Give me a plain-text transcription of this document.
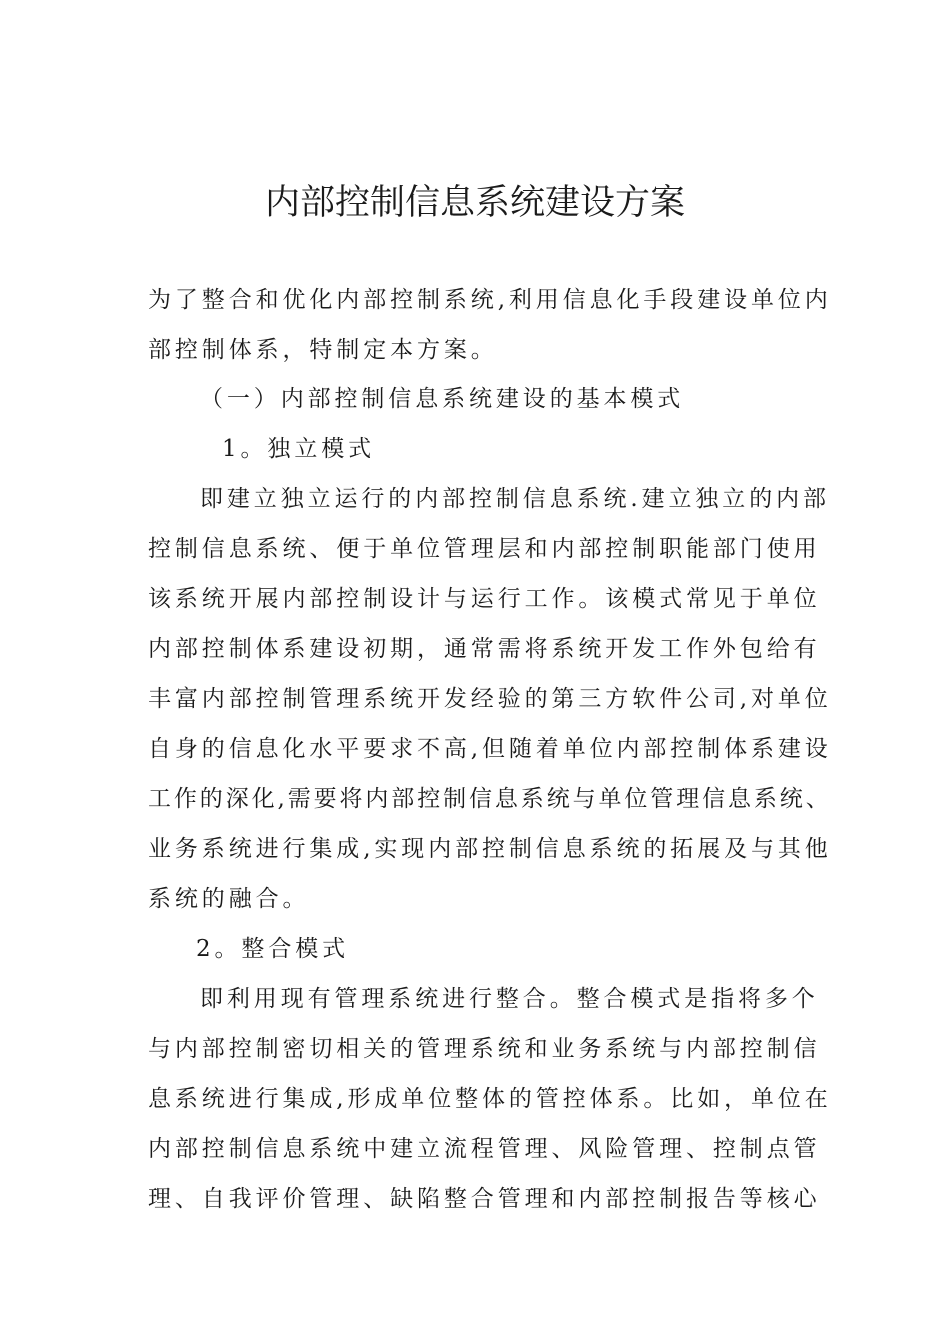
内部控制信息系统建设方案

为了整合和优化内部控制系统,利用信息化手段建设单位内

部控制体系，特制定本方案。

（一）内部控制信息系统建设的基本模式

1。独立模式

即建立独立运行的内部控制信息系统.建立独立的内部

控制信息系统、便于单位管理层和内部控制职能部门使用

该系统开展内部控制设计与运行工作。该模式常见于单位

内部控制体系建设初期，通常需将系统开发工作外包给有

丰富内部控制管理系统开发经验的第三方软件公司,对单位

自身的信息化水平要求不高,但随着单位内部控制体系建设

工作的深化,需要将内部控制信息系统与单位管理信息系统、

业务系统进行集成,实现内部控制信息系统的拓展及与其他

系统的融合。

2。整合模式

即利用现有管理系统进行整合。整合模式是指将多个

与内部控制密切相关的管理系统和业务系统与内部控制信

息系统进行集成,形成单位整体的管控体系。比如，单位在

内部控制信息系统中建立流程管理、风险管理、控制点管

理、自我评价管理、缺陷整合管理和内部控制报告等核心
